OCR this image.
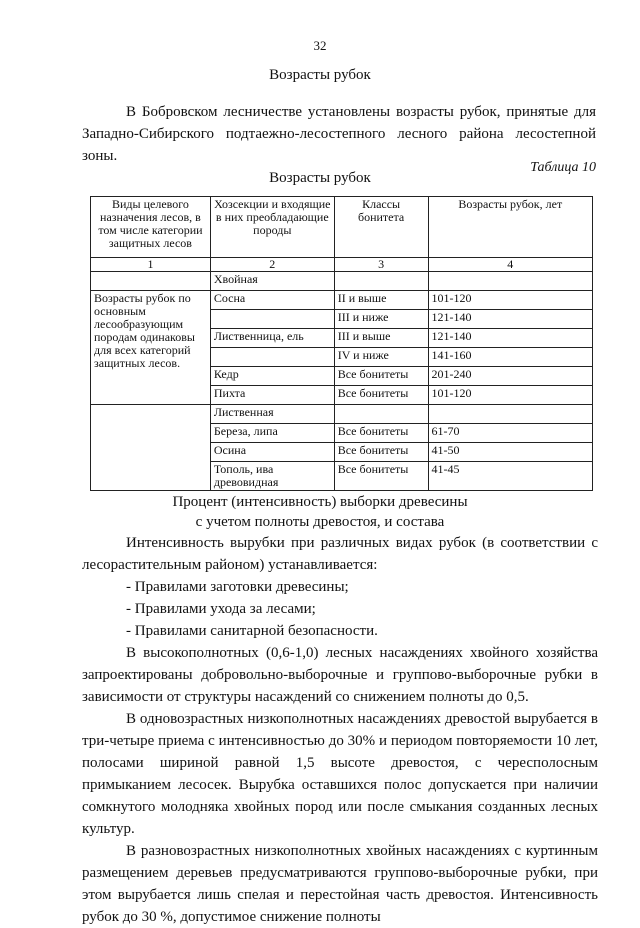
32
Возрасты рубок
В Бобровском лесничестве установлены возрасты рубок, принятые для Западно-Сибирского подтаежно-лесостепного лесного района лесостепной зоны.
Таблица 10
Возрасты рубок
Виды целевого назначения лесов, в том числе категории защитных лесов	Хозсекции и входящие в них преобладающие породы	Классы бонитета	Возрасты рубок, лет
1	2	3	4
	Хвойная		
Возрасты рубок по основным лесообразующим породам одинаковы для всех категорий защитных лесов.	Сосна	II и выше	101-120
		III и ниже	121-140
	Лиственница, ель	III и выше	121-140
		IV и ниже	141-160
	Кедр	Все бонитеты	201-240
	Пихта	Все бонитеты	101-120
	Лиственная		
	Береза, липа	Все бонитеты	61-70
	Осина	Все бонитеты	41-50
	Тополь, ива древовидная	Все бонитеты	41-45
Процент (интенсивность) выборки древесины
с учетом полноты древостоя, и состава

Интенсивность вырубки при различных видах рубок (в соответствии с лесорастительным районом) устанавливается:

- Правилами заготовки древесины;

- Правилами ухода за лесами;

- Правилами санитарной безопасности.

В высокополнотных (0,6-1,0) лесных насаждениях хвойного хозяйства запроектированы добровольно-выборочные и группово-выборочные рубки в зависимости от структуры насаждений со снижением полноты до 0,5.

В одновозрастных низкополнотных насаждениях древостой вырубается в три-четыре приема с интенсивностью до 30% и периодом повторяемости 10 лет, полосами шириной равной 1,5 высоте древостоя, с чересполосным примыканием лесосек. Вырубка оставшихся полос допускается при наличии сомкнутого молодняка хвойных пород или после смыкания созданных лесных культур.

В разновозрастных низкополнотных хвойных насаждениях с куртинным размещением деревьев предусматриваются группово-выборочные рубки, при этом вырубается лишь спелая и перестойная часть древостоя. Интенсивность рубок до 30 %, допустимое снижение полноты
